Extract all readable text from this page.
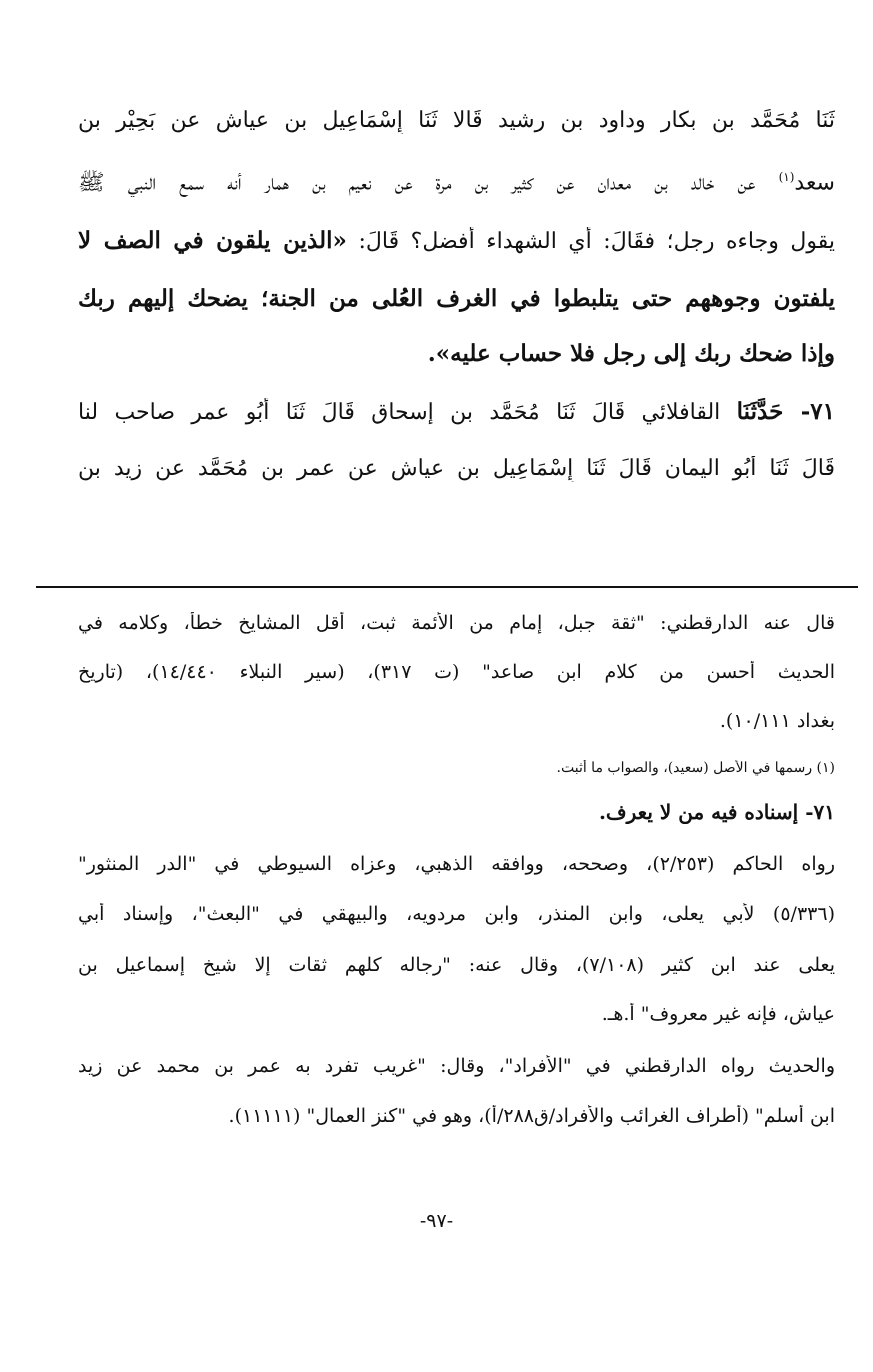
ثَنَا مُحَمَّد بن بكار وداود بن رشيد قَالا ثَنَا إِسْمَاعِيل بن عياش عن بَحِيْر بن
سعد$^{(١)}$ عن خالد بن معدان عن كثير بن مرة عن نعيم بن همار أنه سمع النبي ﷺ
يقول وجاءه رجل؛ فقَالَ: أي الشهداء أفضل؟ قَالَ: «الذين يلقون في الصف لا
يلفتون وجوههم حتى يتلبطوا في الغرف العُلى من الجنة؛ يضحك إليهم ربك
وإذا ضحك ربك إلى رجل فلا حساب عليه».
٧١- حَدَّثَنَا القافلائي قَالَ ثَنَا مُحَمَّد بن إسحاق قَالَ ثَنَا أَبُو عمر صاحب لنا
قَالَ ثَنَا أَبُو اليمان قَالَ ثَنَا إِسْمَاعِيل بن عياش عن عمر بن مُحَمَّد عن زيد بن
قال عنه الدارقطني: "ثقة جبل، إمام من الأئمة ثبت، أقل المشايخ خطأ، وكلامه في
الحديث أحسن من كلام ابن صاعد" (ت ٣١٧)، (سير النبلاء ١٤/٤٤٠)، (تاريخ
بغداد ١٠/١١١).
(١) رسمها في الأصل (سعيد)، والصواب ما أثبت.
٧١- إسناده فيه من لا يعرف.
رواه الحاكم (٢/٢٥٣)، وصححه، ووافقه الذهبي، وعزاه السيوطي في "الدر المنثور"
(٥/٣٣٦) لأبي يعلى، وابن المنذر، وابن مردويه، والبيهقي في "البعث"، وإسناد أبي
يعلى عند ابن كثير (٧/١٠٨)، وقال عنه: "رجاله كلهم ثقات إلا شيخ إسماعيل بن
عياش، فإنه غير معروف" أ.هـ.
والحديث رواه الدارقطني في "الأفراد"، وقال: "غريب تفرد به عمر بن محمد عن زيد
ابن أسلم" (أطراف الغرائب والأفراد/ق٢٨٨/أ)، وهو في "كنز العمال" (١١١١١).
-٩٧-
